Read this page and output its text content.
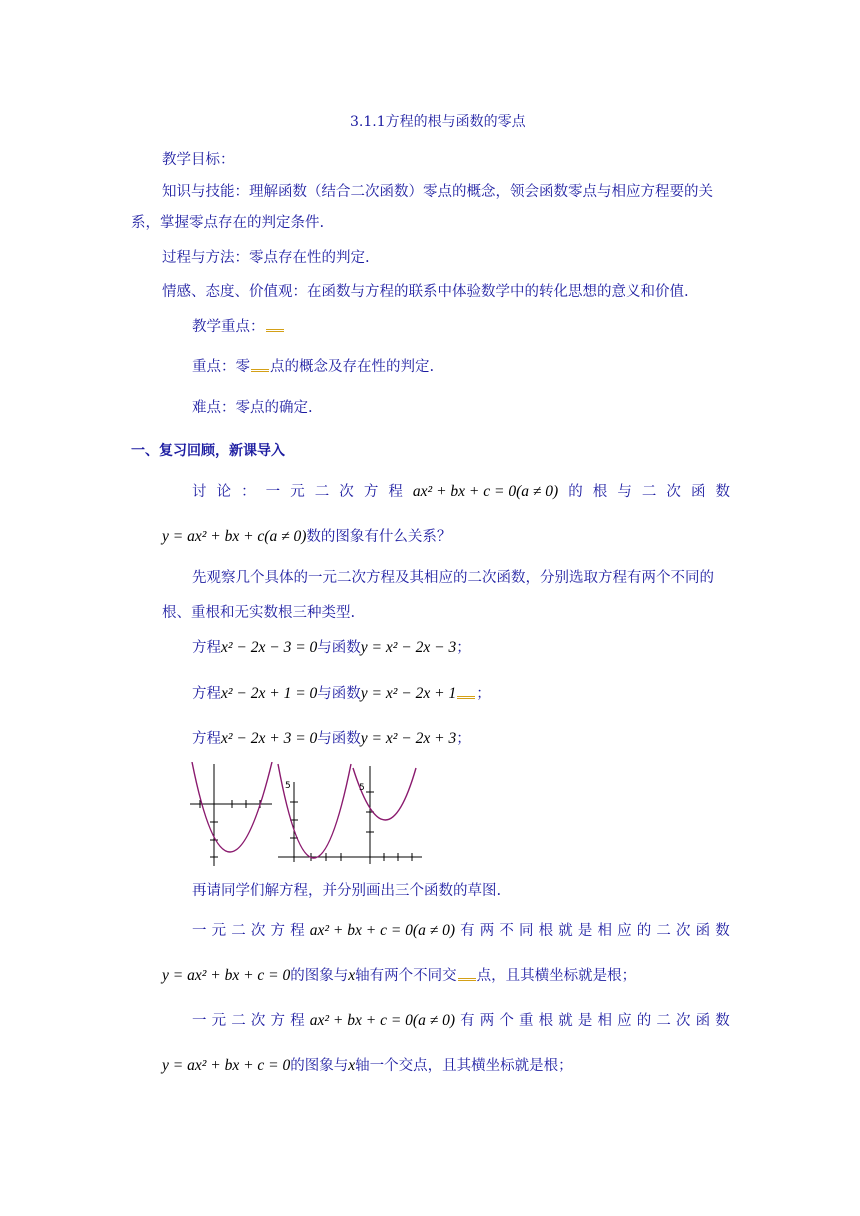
3.1.1方程的根与函数的零点
教学目标：
知识与技能：理解函数（结合二次函数）零点的概念，领会函数零点与相应方程要的关
系，掌握零点存在的判定条件.
过程与方法：零点存在性的判定.
情感、态度、价值观：在函数与方程的联系中体验数学中的转化思想的意义和价值.
教学重点：
重点：零 点的概念及存在性的判定.
难点：零点的确定.
一、复习回顾，新课导入
讨 论 ： 一 元 二 次 方 程 ax² + bx + c = 0(a ≠ 0) 的 根 与 二 次 函 数
y = ax² + bx + c(a ≠ 0)数的图象有什么关系？
先观察几个具体的一元二次方程及其相应的二次函数，分别选取方程有两个不同的
根、重根和无实数根三种类型.
方程x² − 2x − 3 = 0与函数y = x² − 2x − 3；
方程x² − 2x + 1 = 0与函数y = x² − 2x + 1 ；
方程x² − 2x + 3 = 0与函数y = x² − 2x + 3；
5	5
再请同学们解方程，并分别画出三个函数的草图.
一 元 二 次 方 程 ax² + bx + c = 0(a ≠ 0) 有 两 不 同 根 就 是 相 应 的 二 次 函 数
y = ax² + bx + c = 0的图象与x轴有两个不同交 点，且其横坐标就是根；
一 元 二 次 方 程 ax² + bx + c = 0(a ≠ 0) 有 两 个 重 根 就 是 相 应 的 二 次 函 数
y = ax² + bx + c = 0的图象与x轴一个交点，且其横坐标就是根；
